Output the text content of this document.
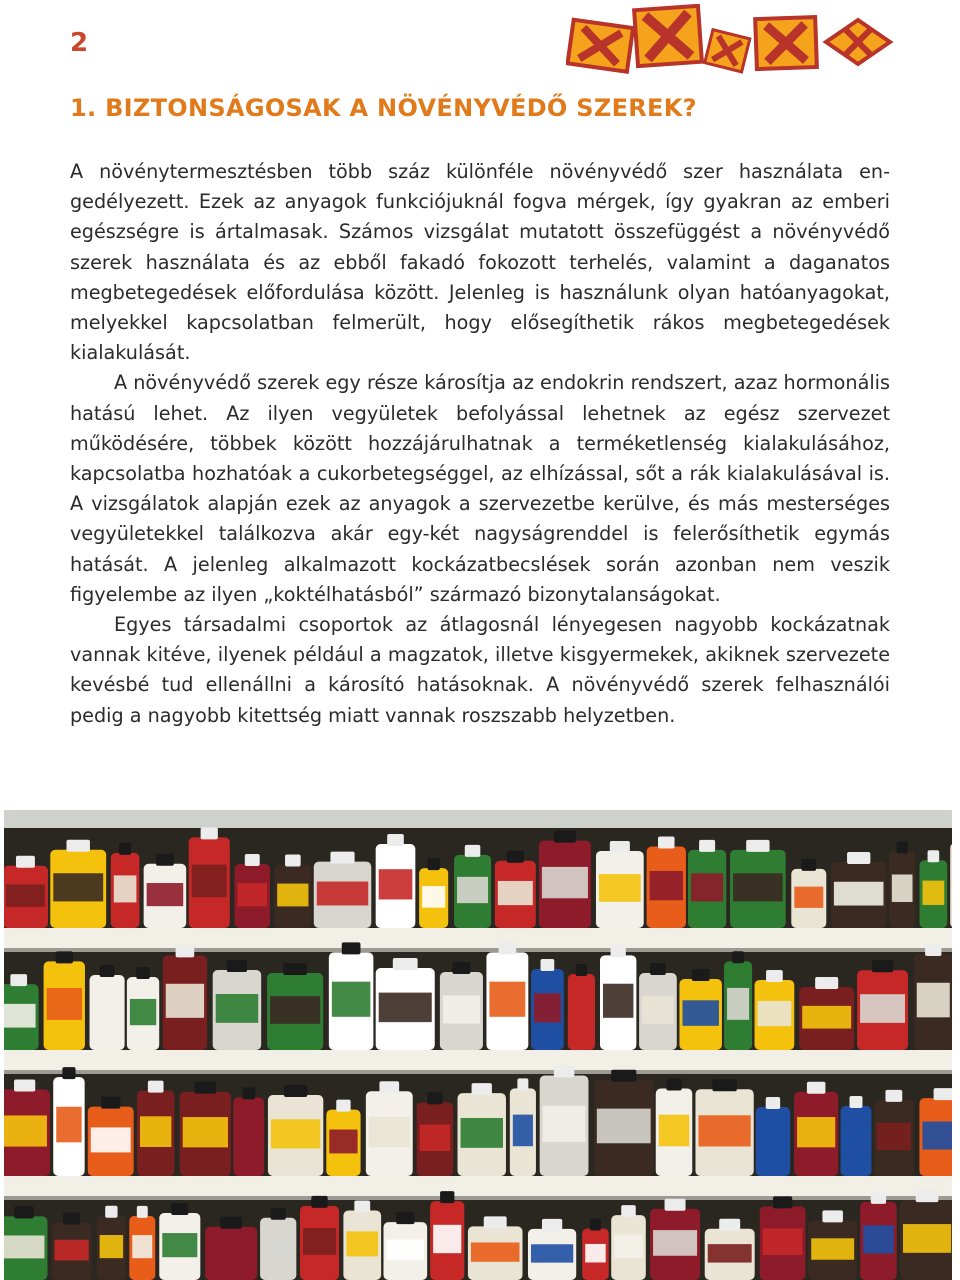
2
1. BIZTONSÁGOSAK A NÖVÉNYVÉDŐ SZEREK?

A növénytermesztésben több száz különféle növényvédő szer használata engedélyezett. Ezek az anyagok funkciójuknál fogva mérgek, így gyakran az emberi egészségre is ártalmasak. Számos vizsgálat mutatott összefüggést a növényvédő szerek használata és az ebből fakadó fokozott terhelés, valamint a daganatos megbetegedések előfordulása között. Jelenleg is használunk olyan hatóanyagokat, melyekkel kapcsolatban felmerült, hogy elősegíthetik rákos megbetegedések kialakulását.

A növényvédő szerek egy része károsítja az endokrin rendszert, azaz hormonális hatású lehet. Az ilyen vegyületek befolyással lehetnek az egész szervezet működésére, többek között hozzájárulhatnak a terméketlenség kialakulásához, kapcsolatba hozhatóak a cukorbetegséggel, az elhízással, sőt a rák kialakulásával is. A vizsgálatok alapján ezek az anyagok a szervezetbe kerülve, és más mesterséges vegyületekkel találkozva akár egy-két nagyságrenddel is felerősíthetik egymás hatását. A jelenleg alkalmazott kockázatbecslések során azonban nem veszik figyelembe az ilyen „koktélhatásból” származó bizonytalanságokat.

Egyes társadalmi csoportok az átlagosnál lényegesen nagyobb kockázatnak vannak kitéve, ilyenek például a magzatok, illetve kisgyermekek, akiknek szervezete kevésbé tud ellenállni a károsító hatásoknak. A növényvédő szerek felhasználói pedig a nagyobb kitettség miatt vannak roszszabb helyzetben.
